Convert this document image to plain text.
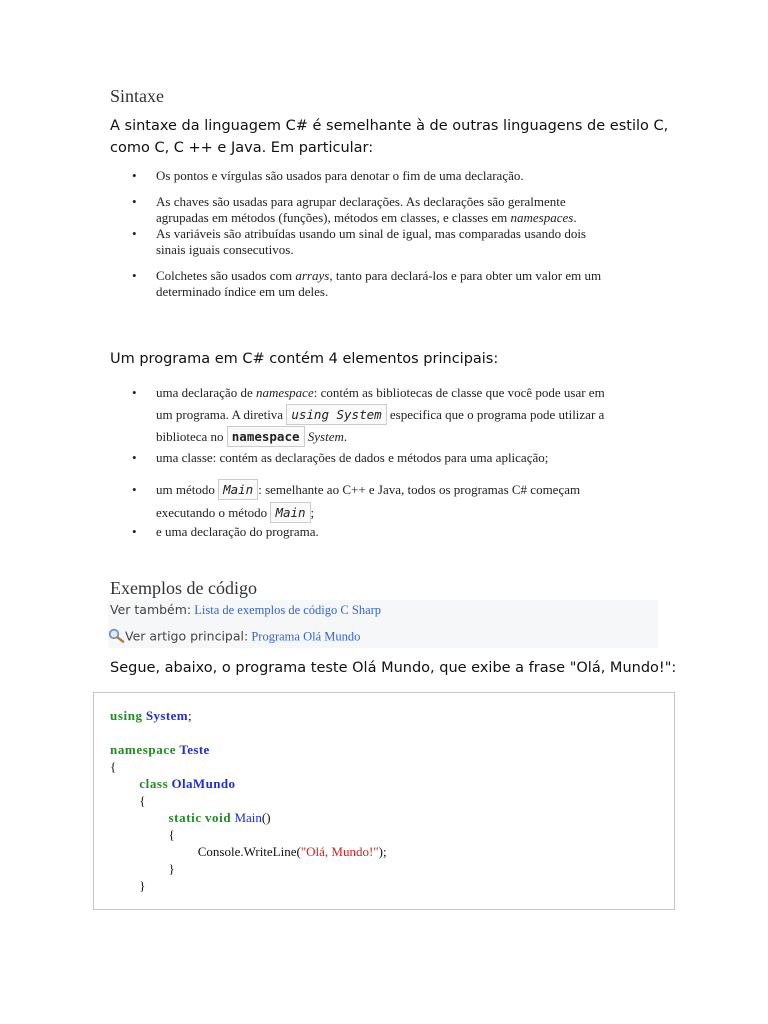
Sintaxe

A sintaxe da linguagem C# é semelhante à de outras linguagens de estilo C,
como C, C ++ e Java. Em particular:

• Os pontos e vírgulas são usados para denotar o fim de uma declaração.
• As chaves são usadas para agrupar declarações. As declarações são geralmente
agrupadas em métodos (funções), métodos em classes, e classes em namespaces.
• As variáveis são atribuídas usando um sinal de igual, mas comparadas usando dois
sinais iguais consecutivos.
• Colchetes são usados com arrays, tanto para declará-los e para obter um valor em um
determinado índice em um deles.

Um programa em C# contém 4 elementos principais:

• uma declaração de namespace: contém as bibliotecas de classe que você pode usar em
um programa. A diretiva using System especifica que o programa pode utilizar a
biblioteca no namespace System.
• uma classe: contém as declarações de dados e métodos para uma aplicação;
• um método Main : semelhante ao C++ e Java, todos os programas C# começam
executando o método Main ;
• e uma declaração do programa.
Exemplos de código
Ver também: Lista de exemplos de código C Sharp
Ver artigo principal: Programa Olá Mundo

Segue, abaixo, o programa teste Olá Mundo, que exibe a frase "Olá, Mundo!":

using System;

namespace Teste
{
class OlaMundo
{
static void Main()
{
Console.WriteLine("Olá, Mundo!");
}
}
